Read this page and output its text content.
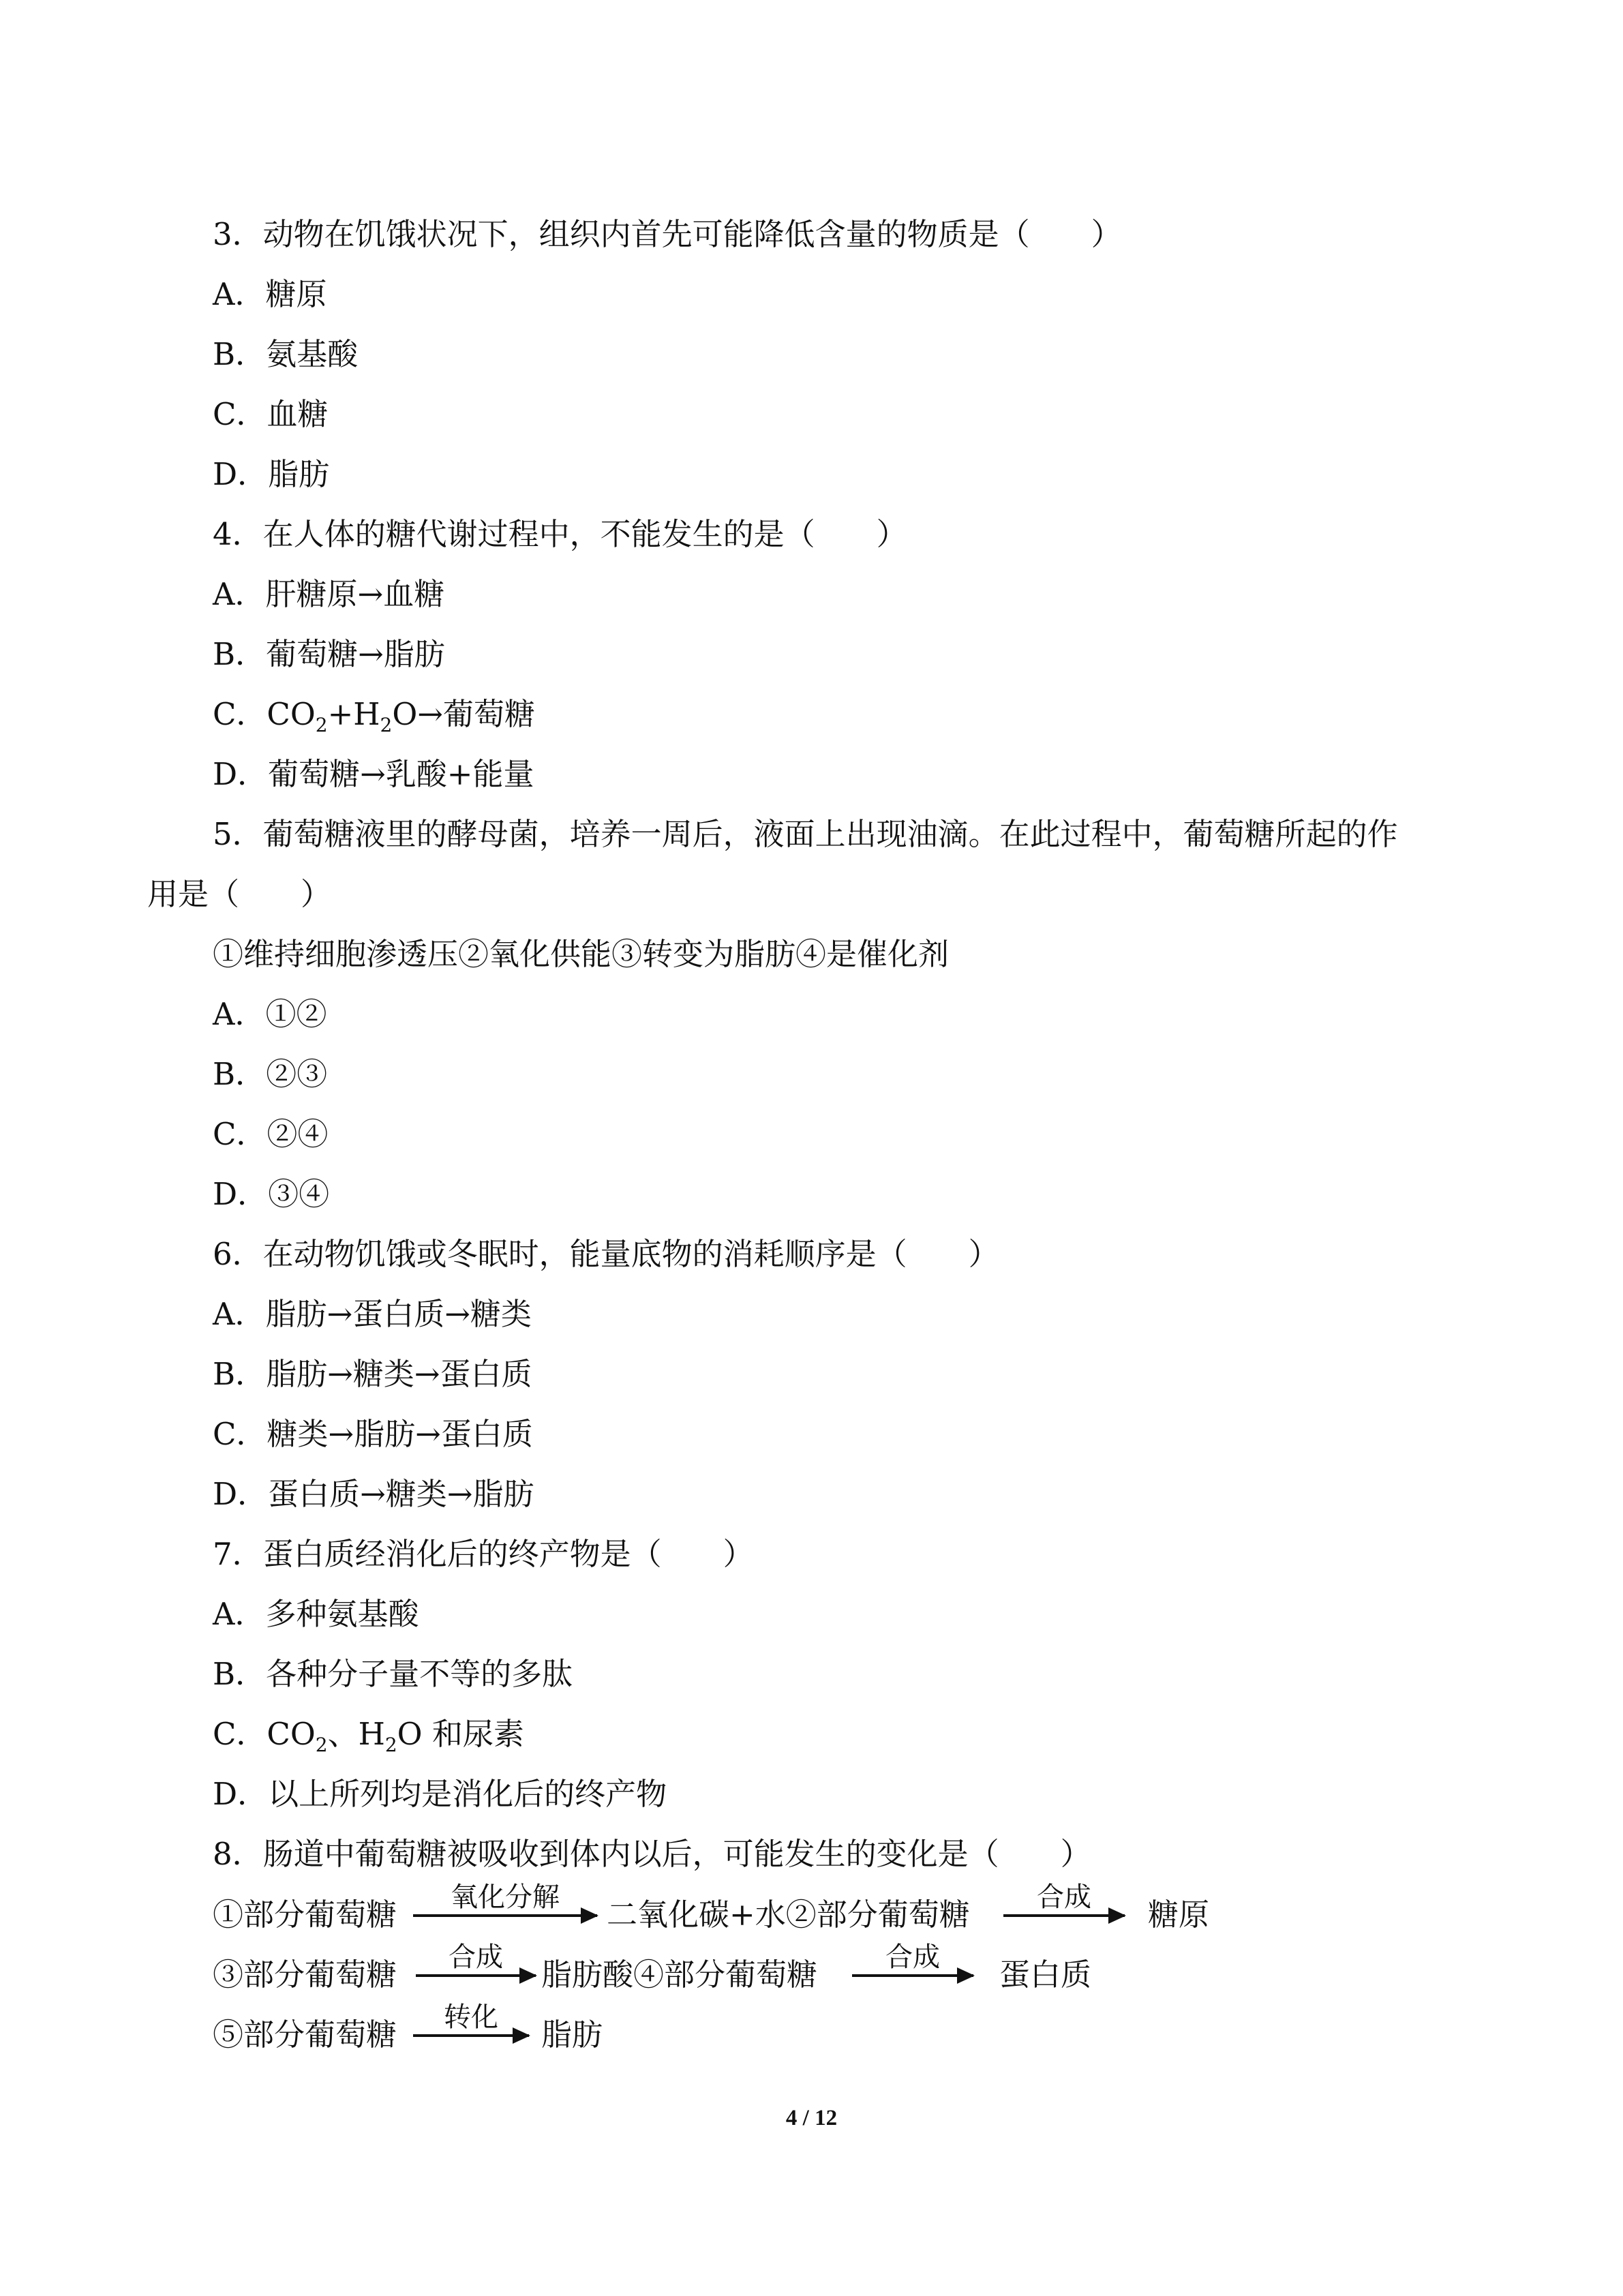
3．动物在饥饿状况下，组织内首先可能降低含量的物质是（　　）
A．糖原
B．氨基酸
C．血糖
D．脂肪
4．在人体的糖代谢过程中，不能发生的是（　　）
A．肝糖原→血糖
B．葡萄糖→脂肪
C．$CO_2+H_2O\to$葡萄糖
D．葡萄糖→乳酸+能量
5．葡萄糖液里的酵母菌，培养一周后，液面上出现油滴。在此过程中，葡萄糖所起的作
用是（　　）
①维持细胞渗透压②氧化供能③转变为脂肪④是催化剂
A．①②
B．②③
C．②④
D．③④
6．在动物饥饿或冬眠时，能量底物的消耗顺序是（　　）
A．脂肪→蛋白质→糖类
B．脂肪→糖类→蛋白质
C．糖类→脂肪→蛋白质
D．蛋白质→糖类→脂肪
7．蛋白质经消化后的终产物是（　　）
A．多种氨基酸
B．各种分子量不等的多肽
C．$CO_2$、$H_2O$ 和尿素
D．以上所列均是消化后的终产物
8．肠道中葡萄糖被吸收到体内以后，可能发生的变化是（　　）
①部分葡萄糖	氧化分解	二氧化碳+水②部分葡萄糖	合成	糖原
③部分葡萄糖	合成	脂肪酸④部分葡萄糖	合成	蛋白质
⑤部分葡萄糖	转化	脂肪
4 / 12
